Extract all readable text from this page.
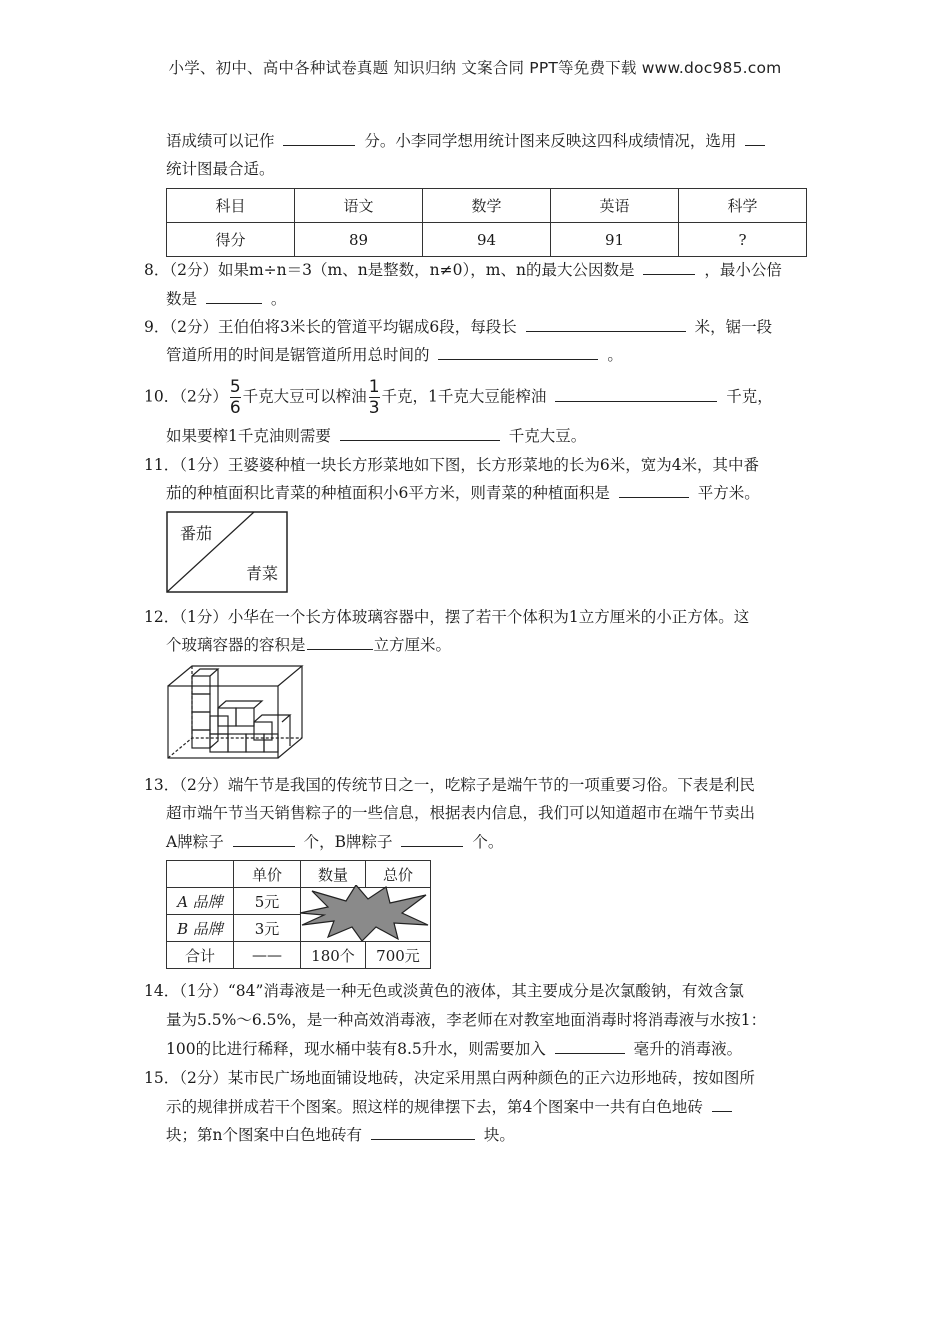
小学、初中、高中各种试卷真题 知识归纳 文案合同 PPT等免费下载 www.doc985.com
语成绩可以记作	分。小李同学想用统计图来反映这四科成绩情况，选用
统计图最合适。
科目	语文	数学	英语	科学
得分	89	94	91	?
8．（2分）如果m÷n＝3（m、n是整数，n≠0），m、n的最大公因数是	，最小公倍
数是	。
9．（2分）王伯伯将3米长的管道平均锯成6段，每段长	米，锯一段
管道所用的时间是锯管道所用总时间的	。
10．（2分） $\frac{5}{6}$ 千克大豆可以榨油 $\frac{1}{3}$ 千克，1千克大豆能榨油	千克，
如果要榨1千克油则需要	千克大豆。
11．（1分）王婆婆种植一块长方形菜地如下图，长方形菜地的长为6米，宽为4米，其中番
茄的种植面积比青菜的种植面积小6平方米，则青菜的种植面积是	平方米。
番茄
青菜
12．（1分）小华在一个长方体玻璃容器中，摆了若干个体积为1立方厘米的小正方体。这
个玻璃容器的容积是	立方厘米。
13．（2分）端午节是我国的传统节日之一，吃粽子是端午节的一项重要习俗。下表是利民
超市端午节当天销售粽子的一些信息，根据表内信息，我们可以知道超市在端午节卖出
A牌粽子	个，B牌粽子	个。
	单价	数量	总价
A 品牌	5元		
B 品牌	3元		
合计	——	180个	700元
14．（1分）“84”消毒液是一种无色或淡黄色的液体，其主要成分是次氯酸钠，有效含氯
量为5.5%～6.5%，是一种高效消毒液，李老师在对教室地面消毒时将消毒液与水按1：
100的比进行稀释，现水桶中装有8.5升水，则需要加入	毫升的消毒液。
15．（2分）某市民广场地面铺设地砖，决定采用黑白两种颜色的正六边形地砖，按如图所
示的规律拼成若干个图案。照这样的规律摆下去，第4个图案中一共有白色地砖
块；第n个图案中白色地砖有	块。
